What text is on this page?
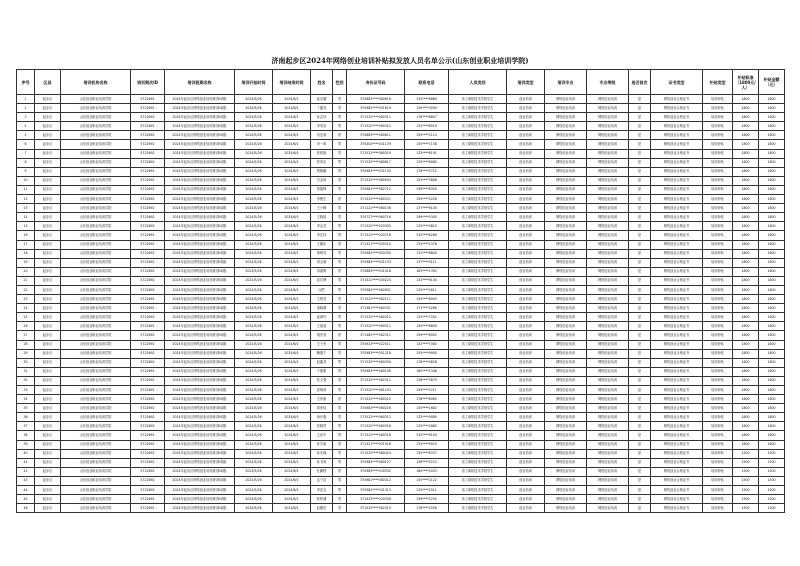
济南起步区2024年网络创业培训补贴拟发放人员名单公示(山东创业职业培训学院)
序号	区县	培训机构名称	培训期次ID	培训班期名称	培训开始时间	培训结束时间	姓名	性别	身份证号码	联系电话	人员类别	培训类型	培训专业	专业等级	是否首次	证书类型	补贴类型	补贴标准（1800元/人）	补贴金额（元）
1	起步区	山东创业职业培训学院	5722692	2024年起步区网络创业培训班(第4期)	2024/5/26	2024/6/1	崔光耀	男	370883****080618	132****8889	省工商院技术学校学生	创业培训	网络创业培训	网络创业培训	是	网络创业合格证书	培训补贴	1800	1800
2	起步区	山东创业职业培训学院	5722692	2024年起步区网络创业培训班(第4期)	2024/5/26	2024/6/1	丁鑫亮	男	370982****051619	130****3590	省工商院技术学校学生	创业培训	网络创业培训	网络创业培训	是	网络创业合格证书	培训补贴	1800	1800
3	起步区	山东创业职业培训学院	5722692	2024年起步区网络创业培训班(第4期)	2024/5/26	2024/6/1	孙志轩	男	371522****080311	178****8857	省工商院技术学校学生	创业培训	网络创业培训	网络创业培训	是	网络创业合格证书	培训补贴	1800	1800
4	起步区	山东创业职业培训学院	5722692	2024年起步区网络创业培训班(第4期)	2024/5/26	2024/6/1	李昊岩	男	371522****060312	132****8519	省工商院技术学校学生	创业培训	网络创业培训	网络创业培训	是	网络创业合格证书	培训补贴	1800	1800
5	起步区	山东创业职业培训学院	5722692	2024年起步区网络创业培训班(第4期)	2024/5/26	2024/6/1	闫宏涛	男	370883****060611	155****2114	省工商院技术学校学生	创业培训	网络创业培训	网络创业培训	是	网络创业合格证书	培训补贴	1800	1800
6	起步区	山东创业职业培训学院	5722692	2024年起步区网络创业培训班(第4期)	2024/5/26	2024/6/1	李一鸣	男	370403****041139	155****7158	省工商院技术学校学生	创业培训	网络创业培训	网络创业培训	是	网络创业合格证书	培训补贴	1800	1800
7	起步区	山东创业职业培训学院	5722692	2024年起步区网络创业培训班(第4期)	2024/5/26	2024/6/1	张煜晗	男	371522****080319	132****6191	省工商院技术学校学生	创业培训	网络创业培训	网络创业培训	是	网络创业合格证书	培训补贴	1800	1800
8	起步区	山东创业职业培训学院	5722692	2024年起步区网络创业培训班(第4期)	2024/5/26	2024/6/1	张家乐	男	371522****080817	132****8080	省工商院技术学校学生	创业培训	网络创业培训	网络创业培训	是	网络创业合格证书	培训补贴	1800	1800
9	起步区	山东创业职业培训学院	5722692	2024年起步区网络创业培训班(第4期)	2024/5/26	2024/6/1	贾锦鹏	男	370983****031130	178****2712	省工商院技术学校学生	创业培训	网络创业培训	网络创业培训	是	网络创业合格证书	培训补贴	1800	1800
10	起步区	山东创业职业培训学院	5722692	2024年起步区网络创业培训班(第4期)	2024/5/26	2024/6/1	吕金涛	男	371522****080504	155****3808	省工商院技术学校学生	创业培训	网络创业培训	网络创业培训	是	网络创业合格证书	培训补贴	1800	1800
11	起步区	山东创业职业培训学院	5722692	2024年起步区网络创业培训班(第4期)	2024/5/26	2024/6/1	蔡瑞锋	男	370981****082712	199****8359	省工商院技术学校学生	创业培训	网络创业培训	网络创业培训	是	网络创业合格证书	培训补贴	1800	1800
12	起步区	山东创业职业培训学院	5722692	2024年起步区网络创业培训班(第4期)	2024/5/26	2024/6/1	李俊生	男	371522****060321	155****2226	省工商院技术学校学生	创业培训	网络创业培训	网络创业培训	是	网络创业合格证书	培训补贴	1800	1800
13	起步区	山东创业职业培训学院	5722692	2024年起步区网络创业培训班(第4期)	2024/5/26	2024/6/1	王子峰	男	371122****060136	137****9100	省工商院技术学校学生	创业培训	网络创业培训	网络创业培训	是	网络创业合格证书	培训补贴	1800	1800
14	起步区	山东创业职业培训学院	5722692	2024年起步区网络创业培训班(第4期)	2024/5/26	2024/6/1	王晓凯	男	370727****060716	199****5305	省工商院技术学校学生	创业培训	网络创业培训	网络创业培训	是	网络创业合格证书	培训补贴	1800	1800
15	起步区	山东创业职业培训学院	5722692	2024年起步区网络创业培训班(第4期)	2024/5/26	2024/6/1	李金龙	男	371522****020305	132****0810	省工商院技术学校学生	创业培训	网络创业培训	网络创业培训	是	网络创业合格证书	培训补贴	1800	1800
16	起步区	山东创业职业培训学院	5722692	2024年起步区网络创业培训班(第4期)	2024/5/26	2024/6/1	李宏伟	男	371522****020718	132****6289	省工商院技术学校学生	创业培训	网络创业培训	网络创业培训	是	网络创业合格证书	培训补贴	1800	1800
17	起步区	山东创业职业培训学院	5722692	2024年起步区网络创业培训班(第4期)	2024/5/26	2024/6/1	王娜乐	男	371427****030310	132****2376	省工商院技术学校学生	创业培训	网络创业培训	网络创业培训	是	网络创业合格证书	培训补贴	1800	1800
18	起步区	山东创业职业培训学院	5722692	2024年起步区网络创业培训班(第4期)	2024/5/26	2024/6/1	徐明亮	男	370982****050700	132****8800	省工商院技术学校学生	创业培训	网络创业培训	网络创业培训	是	网络创业合格证书	培训补贴	1800	1800
19	起步区	山东创业职业培训学院	5722692	2024年起步区网络创业培训班(第4期)	2024/5/26	2024/6/1	刘玉婉	男	370983****041133	137****0111	省工商院技术学校学生	创业培训	网络创业培训	网络创业培训	是	网络创业合格证书	培训补贴	1800	1800
20	起步区	山东创业职业培训学院	5722692	2024年起步区网络创业培训班(第4期)	2024/5/26	2024/6/1	刘嘉辉	男	370883****031018	183****1392	省工商院技术学校学生	创业培训	网络创业培训	网络创业培训	是	网络创业合格证书	培训补贴	1800	1800
21	起步区	山东创业职业培训学院	5722692	2024年起步区网络创业培训班(第4期)	2024/5/26	2024/6/1	高宗博	男	371522****030224	132****9100	省工商院技术学校学生	创业培训	网络创业培训	网络创业培训	是	网络创业合格证书	培训补贴	1800	1800
22	起步区	山东创业职业培训学院	5722692	2024年起步区网络创业培训班(第4期)	2024/5/26	2024/6/1	闵然	男	370982****062631	132****2611	省工商院技术学校学生	创业培训	网络创业培训	网络创业培训	是	网络创业合格证书	培训补贴	1800	1800
23	起步区	山东创业职业培训学院	5722692	2024年起步区网络创业培训班(第4期)	2024/5/26	2024/6/1	王楚龙	男	371522****082111	155****8905	省工商院技术学校学生	创业培训	网络创业培训	网络创业培训	是	网络创业合格证书	培训补贴	1800	1800
24	起步区	山东创业职业培训学院	5722692	2024年起步区网络创业培训班(第4期)	2024/5/26	2024/6/1	秦晓晴	男	371481****060331	171****3286	省工商院技术学校学生	创业培训	网络创业培训	网络创业培训	是	网络创业合格证书	培训补贴	1800	1800
25	起步区	山东创业职业培训学院	5722692	2024年起步区网络创业培训班(第4期)	2024/5/26	2024/6/1	崔翠玲	男	371522****060312	132****7052	省工商院技术学校学生	创业培训	网络创业培训	网络创业培训	是	网络创业合格证书	培训补贴	1800	1800
26	起步区	山东创业职业培训学院	5722692	2024年起步区网络创业培训班(第4期)	2024/5/26	2024/6/1	王瑶瑶	男	371522****060311	130****8809	省工商院技术学校学生	创业培训	网络创业培训	网络创业培训	是	网络创业合格证书	培训补贴	1800	1800
27	起步区	山东创业职业培训学院	5722692	2024年起步区网络创业培训班(第4期)	2024/5/26	2024/6/1	胡晋喜	男	371482****082311	199****8902	省工商院技术学校学生	创业培训	网络创业培训	网络创业培训	是	网络创业合格证书	培训补贴	1800	1800
28	起步区	山东创业职业培训学院	5722692	2024年起步区网络创业培训班(第4期)	2024/5/26	2024/6/1	王子舍	男	370923****022011	132****7080	省工商院技术学校学生	创业培训	网络创业培训	网络创业培训	是	网络创业合格证书	培训补贴	1800	1800
29	起步区	山东创业职业培训学院	5722692	2024年起步区网络创业培训班(第4期)	2024/5/26	2024/6/1	鞠瑞宁	男	370983****051218	155****9900	省工商院技术学校学生	创业培训	网络创业培训	网络创业培训	是	网络创业合格证书	培训补贴	1800	1800
30	起步区	山东创业职业培训学院	5722692	2024年起步区网络创业培训班(第4期)	2024/5/26	2024/6/1	赵鑫尧	男	371522****060309	178****0828	省工商院技术学校学生	创业培训	网络创业培训	网络创业培训	是	网络创业合格证书	培训补贴	1800	1800
31	起步区	山东创业职业培训学院	5722692	2024年起步区网络创业培训班(第4期)	2024/5/26	2024/6/1	于康康	男	370983****060108	180****1348	省工商院技术学校学生	创业培训	网络创业培训	网络创业培训	是	网络创业合格证书	培训补贴	1800	1800
32	起步区	山东创业职业培训学院	5722692	2024年起步区网络创业培训班(第4期)	2024/5/26	2024/6/1	张文强	男	371522****062311	138****3875	省工商院技术学校学生	创业培训	网络创业培训	网络创业培训	是	网络创业合格证书	培训补贴	1800	1800
33	起步区	山东创业职业培训学院	5722692	2024年起步区网络创业培训班(第4期)	2024/5/26	2024/6/1	高明涛	男	371522****081103	193****2211	省工商院技术学校学生	创业培训	网络创业培训	网络创业培训	是	网络创业合格证书	培训补贴	1800	1800
34	起步区	山东创业职业培训学院	5722692	2024年起步区网络创业培训班(第4期)	2024/5/26	2024/6/1	王家惠	男	371522****060312	178****8065	省工商院技术学校学生	创业培训	网络创业培训	网络创业培训	是	网络创业合格证书	培训补贴	1800	1800
35	起步区	山东创业职业培训学院	5722692	2024年起步区网络创业培训班(第4期)	2024/5/26	2024/6/1	刘家伟	男	370983****060216	155****1682	省工商院技术学校学生	创业培训	网络创业培训	网络创业培训	是	网络创业合格证书	培训补贴	1800	1800
36	起步区	山东创业职业培训学院	5722692	2024年起步区网络创业培训班(第4期)	2024/5/26	2024/6/1	徐开磊	男	371522****060312	132****9089	省工商院技术学校学生	创业培训	网络创业培训	网络创业培训	是	网络创业合格证书	培训补贴	1800	1800
37	起步区	山东创业职业培训学院	5722692	2024年起步区网络创业培训班(第4期)	2024/5/26	2024/6/1	张晓然	男	371522****060316	132****2880	省工商院技术学校学生	创业培训	网络创业培训	网络创业培训	是	网络创业合格证书	培训补贴	1800	1800
38	起步区	山东创业职业培训学院	5722692	2024年起步区网络创业培训班(第4期)	2024/5/26	2024/6/1	王世平	男	371522****060318	132****9100	省工商院技术学校学生	创业培训	网络创业培训	网络创业培训	是	网络创业合格证书	培训补贴	1800	1800
39	起步区	山东创业职业培训学院	5722692	2024年起步区网络创业培训班(第4期)	2024/5/26	2024/6/1	孙学斌	男	371427****031918	132****9020	省工商院技术学校学生	创业培训	网络创业培训	网络创业培训	是	网络创业合格证书	培训补贴	1800	1800
40	起步区	山东创业职业培训学院	5722692	2024年起步区网络创业培训班(第4期)	2024/5/26	2024/6/1	孙光翰	男	371522****060424	155****8337	省工商院技术学校学生	创业培训	网络创业培训	网络创业培训	是	网络创业合格证书	培训补贴	1500	1500
41	起步区	山东创业职业培训学院	5722692	2024年起步区网络创业培训班(第4期)	2024/5/26	2024/6/1	孙书涛	男	370983****060127	136****5223	省工商院技术学校学生	创业培训	网络创业培训	网络创业培训	是	网络创业合格证书	培训补贴	1500	1500
42	起步区	山东创业职业培训学院	5722692	2024年起步区网络创业培训班(第4期)	2024/5/26	2024/6/1	杜鹏程	男	370983****030332	180****2003	省工商院技术学校学生	创业培训	网络创业培训	网络创业培训	是	网络创业合格证书	培训补贴	1500	1500
43	起步区	山东创业职业培训学院	5722692	2024年起步区网络创业培训班(第4期)	2024/5/26	2024/6/1	孟子浩	男	370981****080312	155****2122	省工商院技术学校学生	创业培训	网络创业培训	网络创业培训	是	网络创业合格证书	培训补贴	1500	1500
44	起步区	山东创业职业培训学院	5722692	2024年起步区网络创业培训班(第4期)	2024/5/26	2024/6/1	李宪宝	男	370982****031313	132****2511	省工商院技术学校学生	创业培训	网络创业培训	网络创业培训	是	网络创业合格证书	培训补贴	1500	1500
45	起步区	山东创业职业培训学院	5722692	2024年起步区网络创业培训班(第4期)	2024/5/26	2024/6/1	张梓涵	男	371423****020336	199****2255	省工商院技术学校学生	创业培训	网络创业培训	网络创业培训	是	网络创业合格证书	培训补贴	1500	1500
46	起步区	山东创业职业培训学院	5722692	2024年起步区网络创业培训班(第4期)	2024/5/26	2024/6/1	赵婕民	男	371522****062319	178****2556	省工商院技术学校学生	创业培训	网络创业培训	网络创业培训	是	网络创业合格证书	培训补贴	1500	1500
